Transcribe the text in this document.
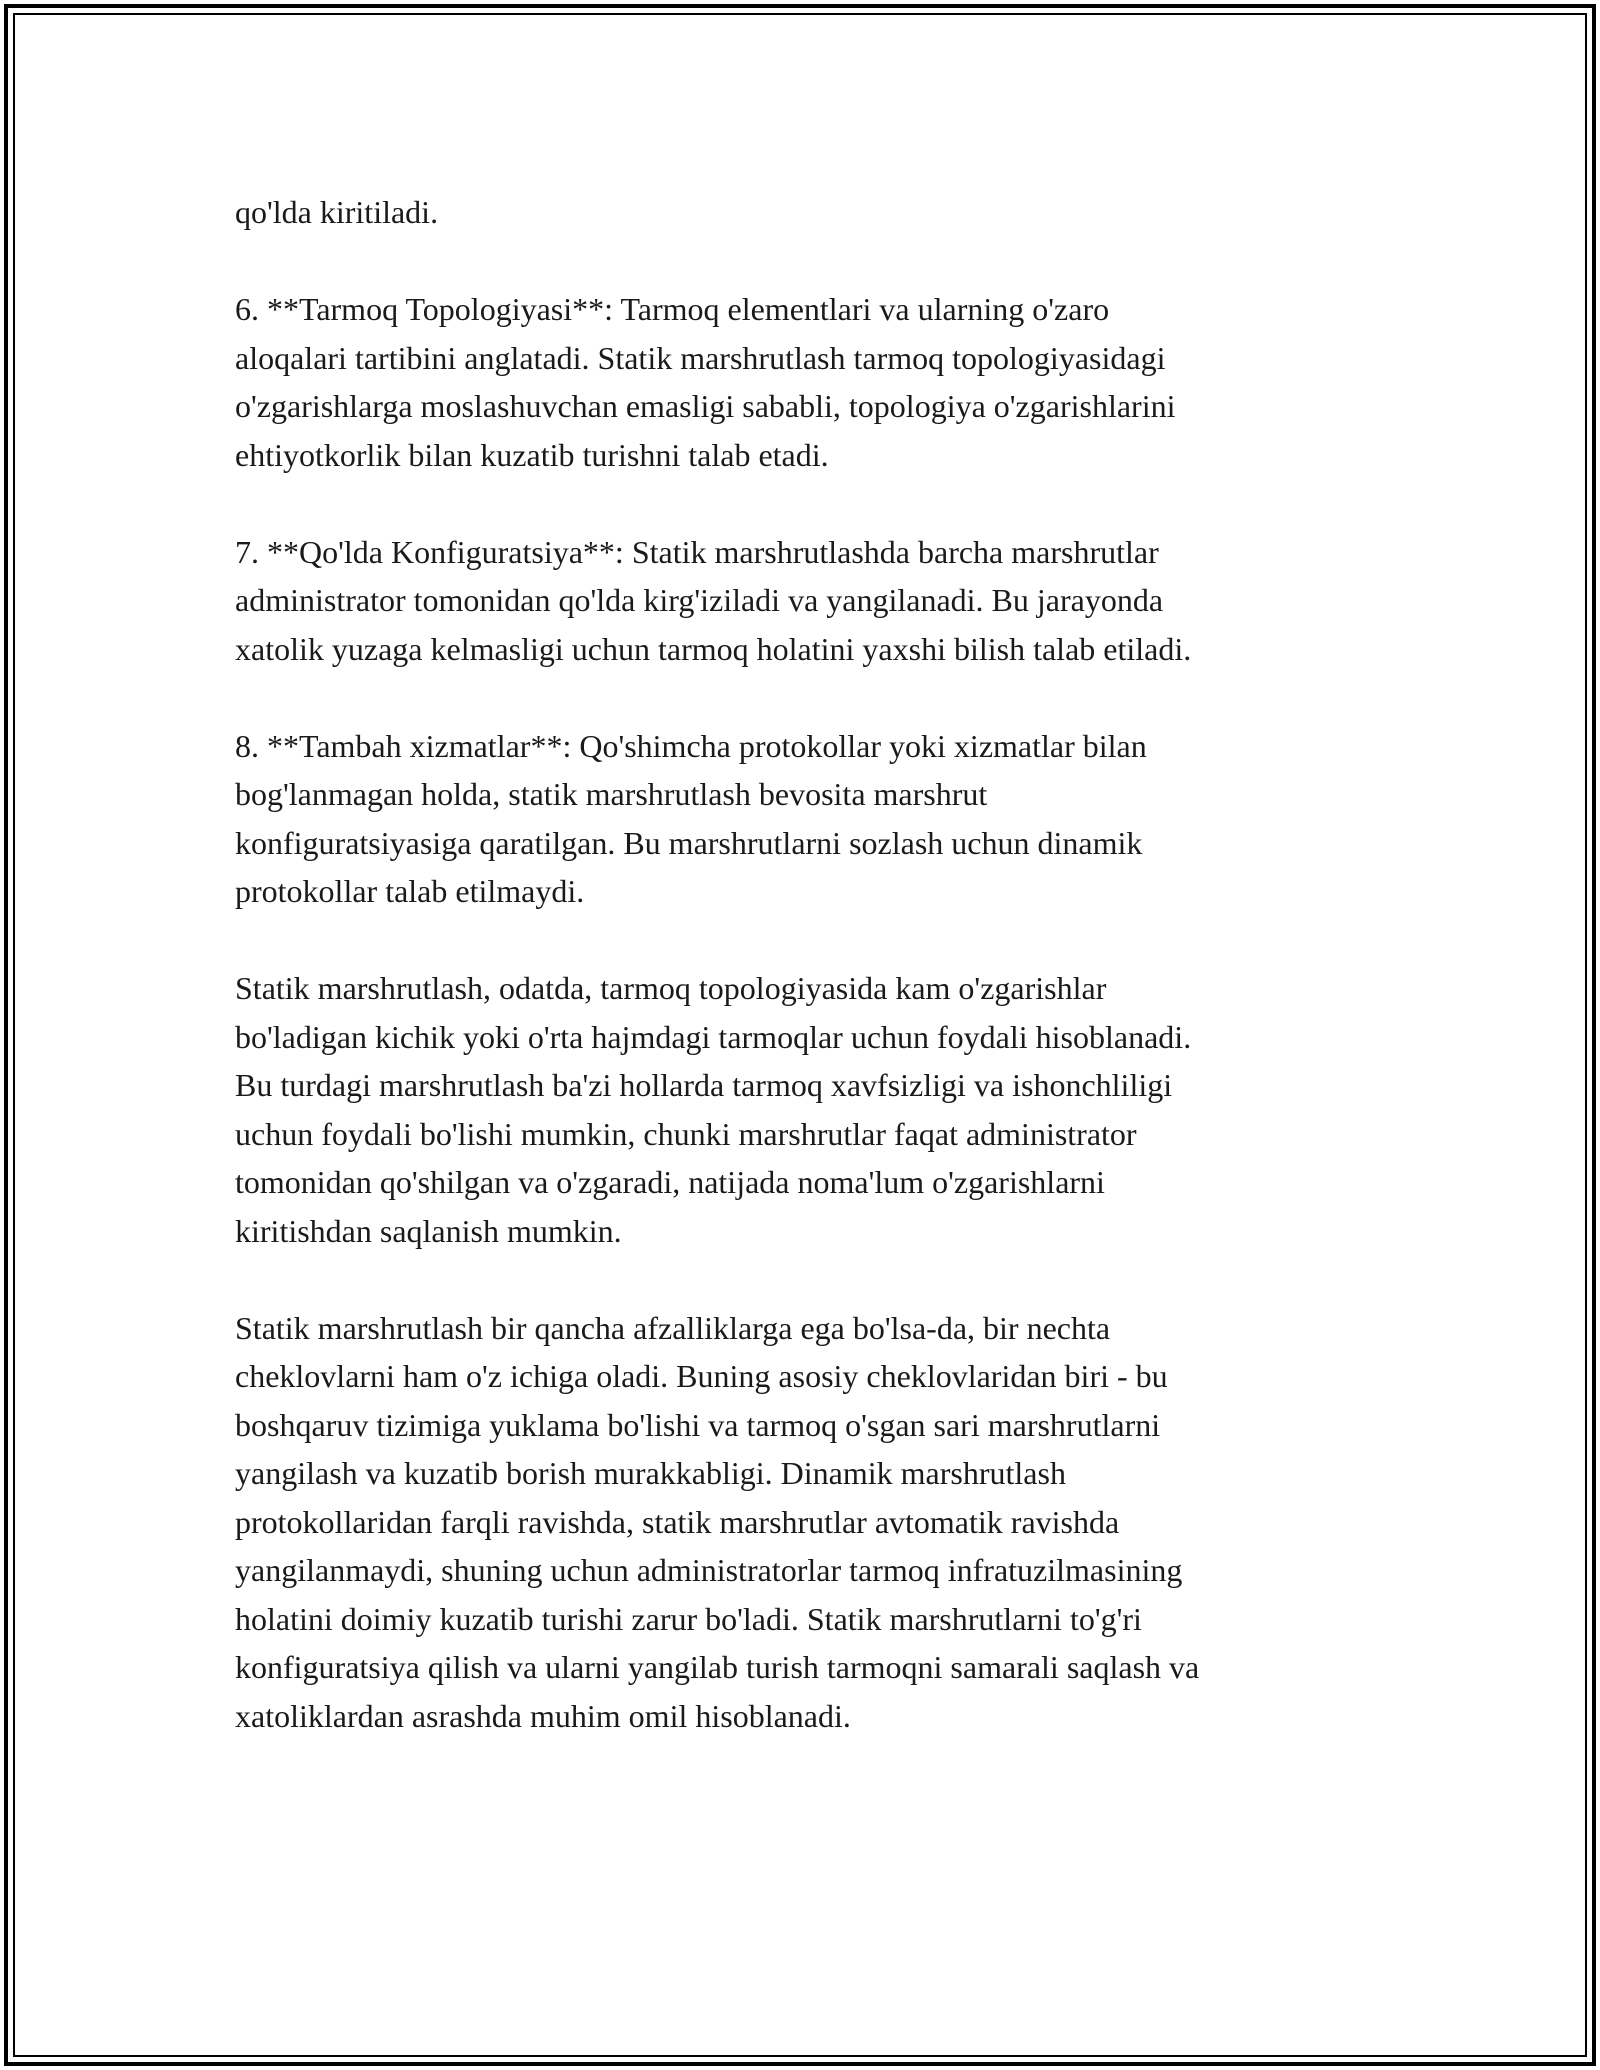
qo'lda kiritiladi.

6. **Tarmoq Topologiyasi**: Tarmoq elementlari va ularning o'zaro
aloqalari tartibini anglatadi. Statik marshrutlash tarmoq topologiyasidagi
o'zgarishlarga moslashuvchan emasligi sababli, topologiya o'zgarishlarini
ehtiyotkorlik bilan kuzatib turishni talab etadi.

7. **Qo'lda Konfiguratsiya**: Statik marshrutlashda barcha marshrutlar
administrator tomonidan qo'lda kirg'iziladi va yangilanadi. Bu jarayonda
xatolik yuzaga kelmasligi uchun tarmoq holatini yaxshi bilish talab etiladi.

8. **Tambah xizmatlar**: Qo'shimcha protokollar yoki xizmatlar bilan
bog'lanmagan holda, statik marshrutlash bevosita marshrut
konfiguratsiyasiga qaratilgan. Bu marshrutlarni sozlash uchun dinamik
protokollar talab etilmaydi.

Statik marshrutlash, odatda, tarmoq topologiyasida kam o'zgarishlar
bo'ladigan kichik yoki o'rta hajmdagi tarmoqlar uchun foydali hisoblanadi.
Bu turdagi marshrutlash ba'zi hollarda tarmoq xavfsizligi va ishonchliligi
uchun foydali bo'lishi mumkin, chunki marshrutlar faqat administrator
tomonidan qo'shilgan va o'zgaradi, natijada noma'lum o'zgarishlarni
kiritishdan saqlanish mumkin.

Statik marshrutlash bir qancha afzalliklarga ega bo'lsa-da, bir nechta
cheklovlarni ham o'z ichiga oladi. Buning asosiy cheklovlaridan biri - bu
boshqaruv tizimiga yuklama bo'lishi va tarmoq o'sgan sari marshrutlarni
yangilash va kuzatib borish murakkabligi. Dinamik marshrutlash
protokollaridan farqli ravishda, statik marshrutlar avtomatik ravishda
yangilanmaydi, shuning uchun administratorlar tarmoq infratuzilmasining
holatini doimiy kuzatib turishi zarur bo'ladi. Statik marshrutlarni to'g'ri
konfiguratsiya qilish va ularni yangilab turish tarmoqni samarali saqlash va
xatoliklardan asrashda muhim omil hisoblanadi.
